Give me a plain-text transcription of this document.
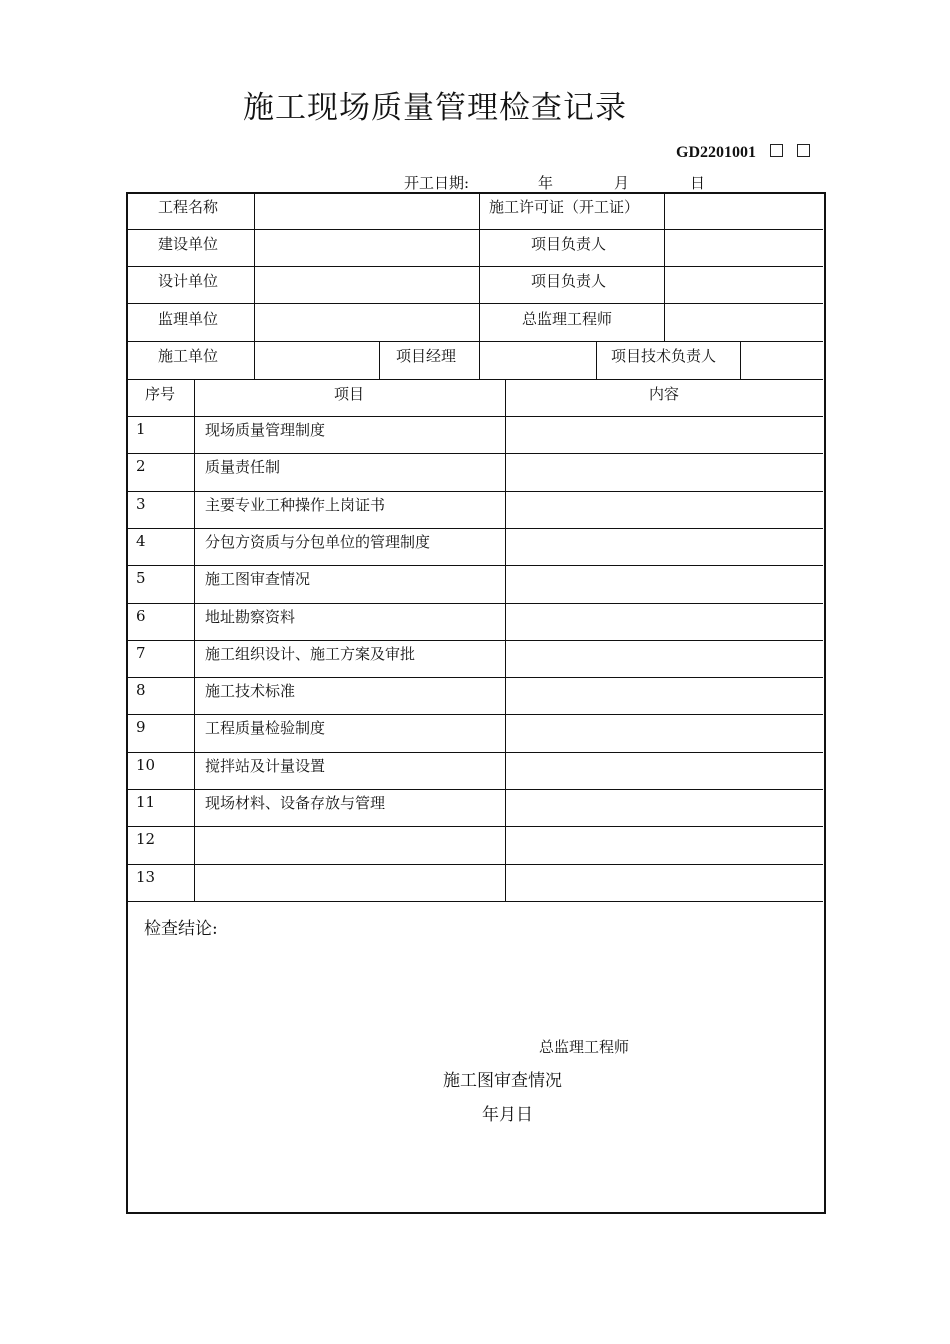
施工现场质量管理检查记录
GD2201001
开工日期:	年	月	日
工程名称	施工许可证（开工证）
建设单位	项目负责人
设计单位	项目负责人
监理单位	总监理工程师
施工单位	项目经理	项目技术负责人
序号	项目	内容
1	现场质量管理制度
2	质量责任制
3	主要专业工种操作上岗证书
4	分包方资质与分包单位的管理制度
5	施工图审查情况
6	地址勘察资料
7	施工组织设计、施工方案及审批
8	施工技术标准
9	工程质量检验制度
10	搅拌站及计量设置
11	现场材料、设备存放与管理
12
13
检查结论:
总监理工程师
施工图审查情况
年月日
